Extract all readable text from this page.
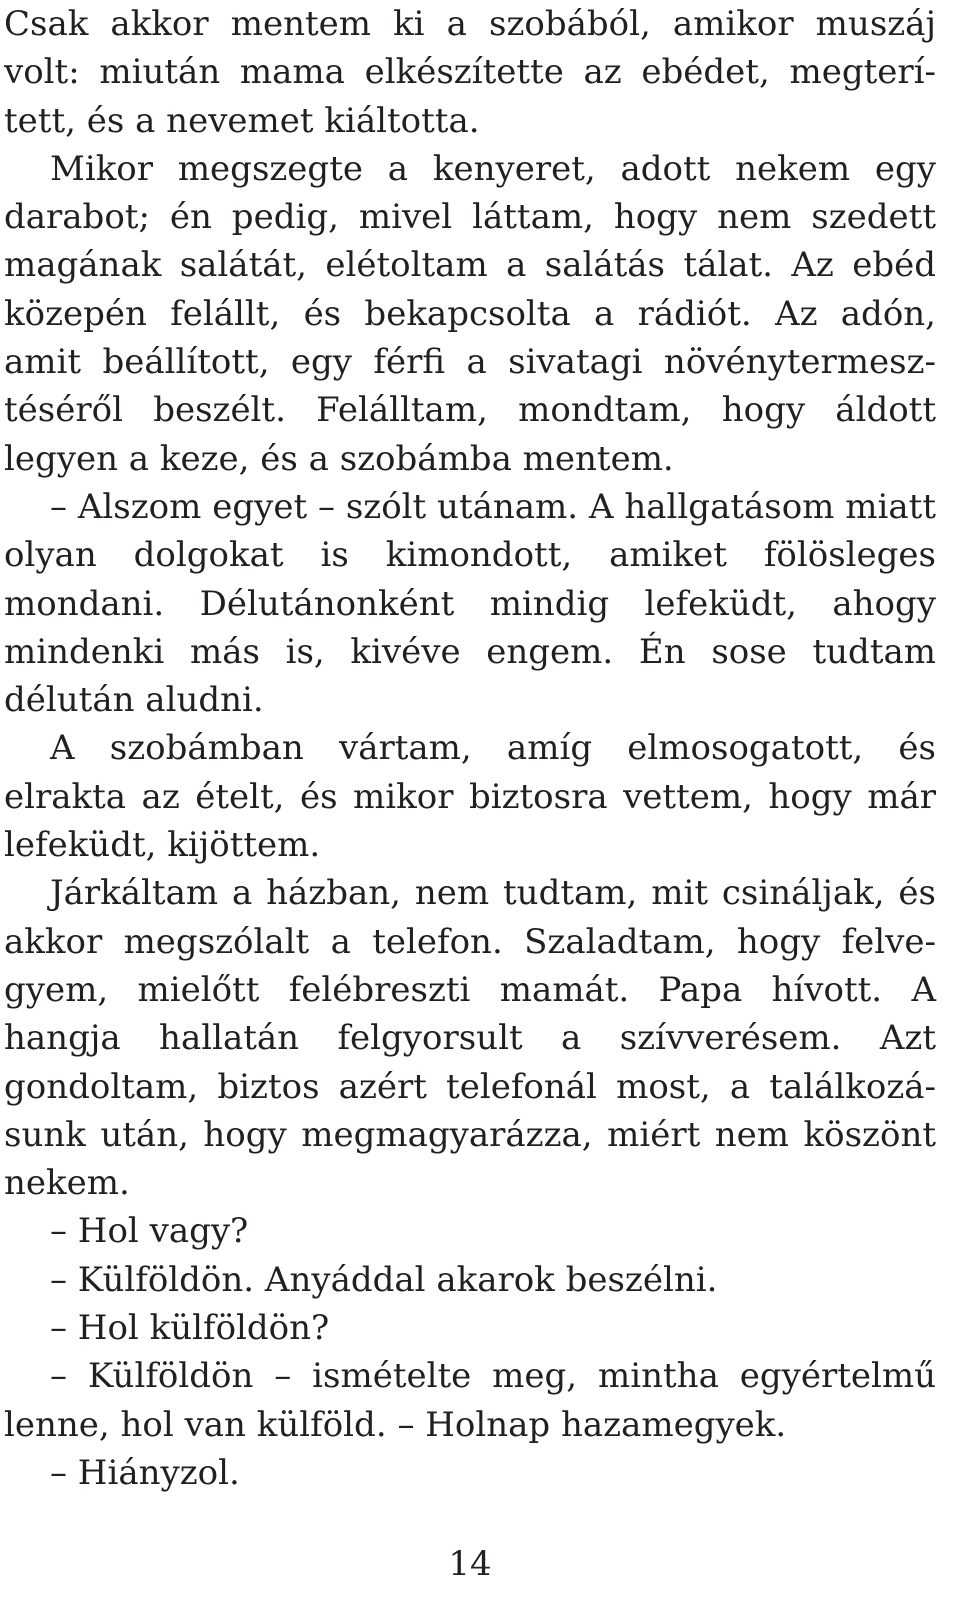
Csak akkor mentem ki a szobából, amikor muszáj volt: miután mama elkészítette az ebédet, megterített, és a nevemet kiáltotta.

Mikor megszegte a kenyeret, adott nekem egy darabot; én pedig, mivel láttam, hogy nem szedett magának salátát, elétoltam a salátás tálat. Az ebéd közepén felállt, és bekapcsolta a rádiót. Az adón, amit beállított, egy férfi a sivatagi növénytermesztéséről beszélt. Felálltam, mondtam, hogy áldott legyen a keze, és a szobámba mentem.

– Alszom egyet – szólt utánam. A hallgatásom miatt olyan dolgokat is kimondott, amiket fölösleges mondani. Délutánonként mindig lefeküdt, ahogy mindenki más is, kivéve engem. Én sose tudtam délután aludni.

A szobámban vártam, amíg elmosogatott, és elrakta az ételt, és mikor biztosra vettem, hogy már lefeküdt, kijöttem.

Járkáltam a házban, nem tudtam, mit csináljak, és akkor megszólalt a telefon. Szaladtam, hogy felvegyem, mielőtt felébreszti mamát. Papa hívott. A hangja hallatán felgyorsult a szívverésem. Azt gondoltam, biztos azért telefonál most, a találkozásunk után, hogy megmagyarázza, miért nem köszönt nekem.

– Hol vagy?

– Külföldön. Anyáddal akarok beszélni.

– Hol külföldön?

– Külföldön – ismételte meg, mintha egyértelmű lenne, hol van külföld. – Holnap hazamegyek.

– Hiányzol.

14
